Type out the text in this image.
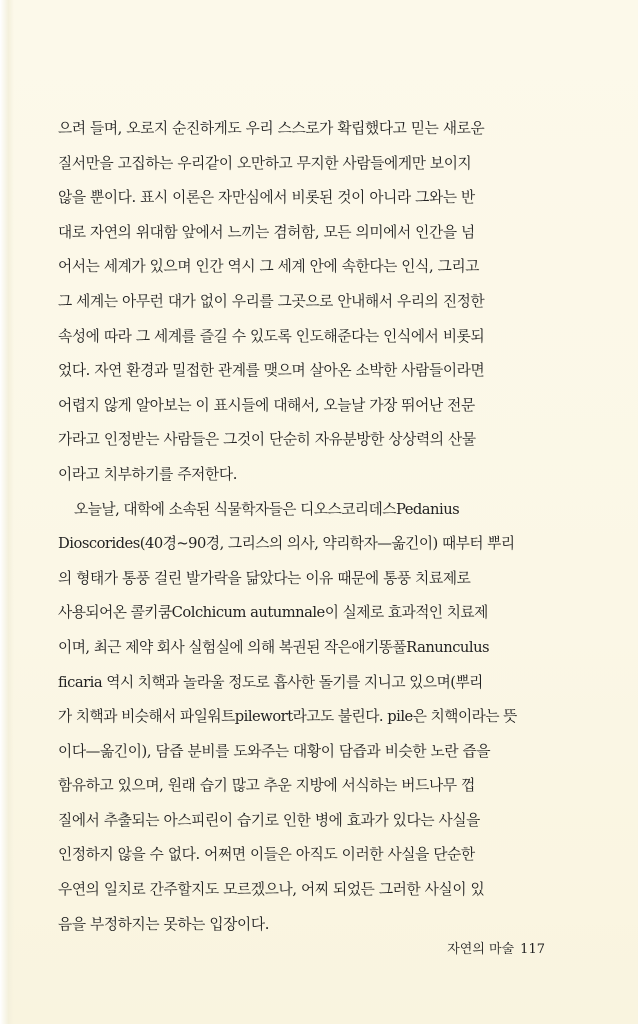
으려 들며, 오로지 순진하게도 우리 스스로가 확립했다고 믿는 새로운
질서만을 고집하는 우리같이 오만하고 무지한 사람들에게만 보이지
않을 뿐이다. 표시 이론은 자만심에서 비롯된 것이 아니라 그와는 반
대로 자연의 위대함 앞에서 느끼는 겸허함, 모든 의미에서 인간을 넘
어서는 세계가 있으며 인간 역시 그 세계 안에 속한다는 인식, 그리고
그 세계는 아무런 대가 없이 우리를 그곳으로 안내해서 우리의 진정한
속성에 따라 그 세계를 즐길 수 있도록 인도해준다는 인식에서 비롯되
었다. 자연 환경과 밀접한 관계를 맺으며 살아온 소박한 사람들이라면
어렵지 않게 알아보는 이 표시들에 대해서, 오늘날 가장 뛰어난 전문
가라고 인정받는 사람들은 그것이 단순히 자유분방한 상상력의 산물
이라고 치부하기를 주저한다.
오늘날, 대학에 소속된 식물학자들은 디오스코리데스Pedanius
Dioscorides(40경~90경, 그리스의 의사, 약리학자—옮긴이) 때부터 뿌리
의 형태가 통풍 걸린 발가락을 닮았다는 이유 때문에 통풍 치료제로
사용되어온 콜키쿰Colchicum autumnale이 실제로 효과적인 치료제
이며, 최근 제약 회사 실험실에 의해 복권된 작은애기똥풀Ranunculus
ficaria 역시 치핵과 놀라울 정도로 흡사한 돌기를 지니고 있으며(뿌리
가 치핵과 비슷해서 파일워트pilewort라고도 불린다. pile은 치핵이라는 뜻
이다—옮긴이), 담즙 분비를 도와주는 대황이 담즙과 비슷한 노란 즙을
함유하고 있으며, 원래 습기 많고 추운 지방에 서식하는 버드나무 껍
질에서 추출되는 아스피린이 습기로 인한 병에 효과가 있다는 사실을
인정하지 않을 수 없다. 어쩌면 이들은 아직도 이러한 사실을 단순한
우연의 일치로 간주할지도 모르겠으나, 어찌 되었든 그러한 사실이 있
음을 부정하지는 못하는 입장이다.
자연의 마술 117
